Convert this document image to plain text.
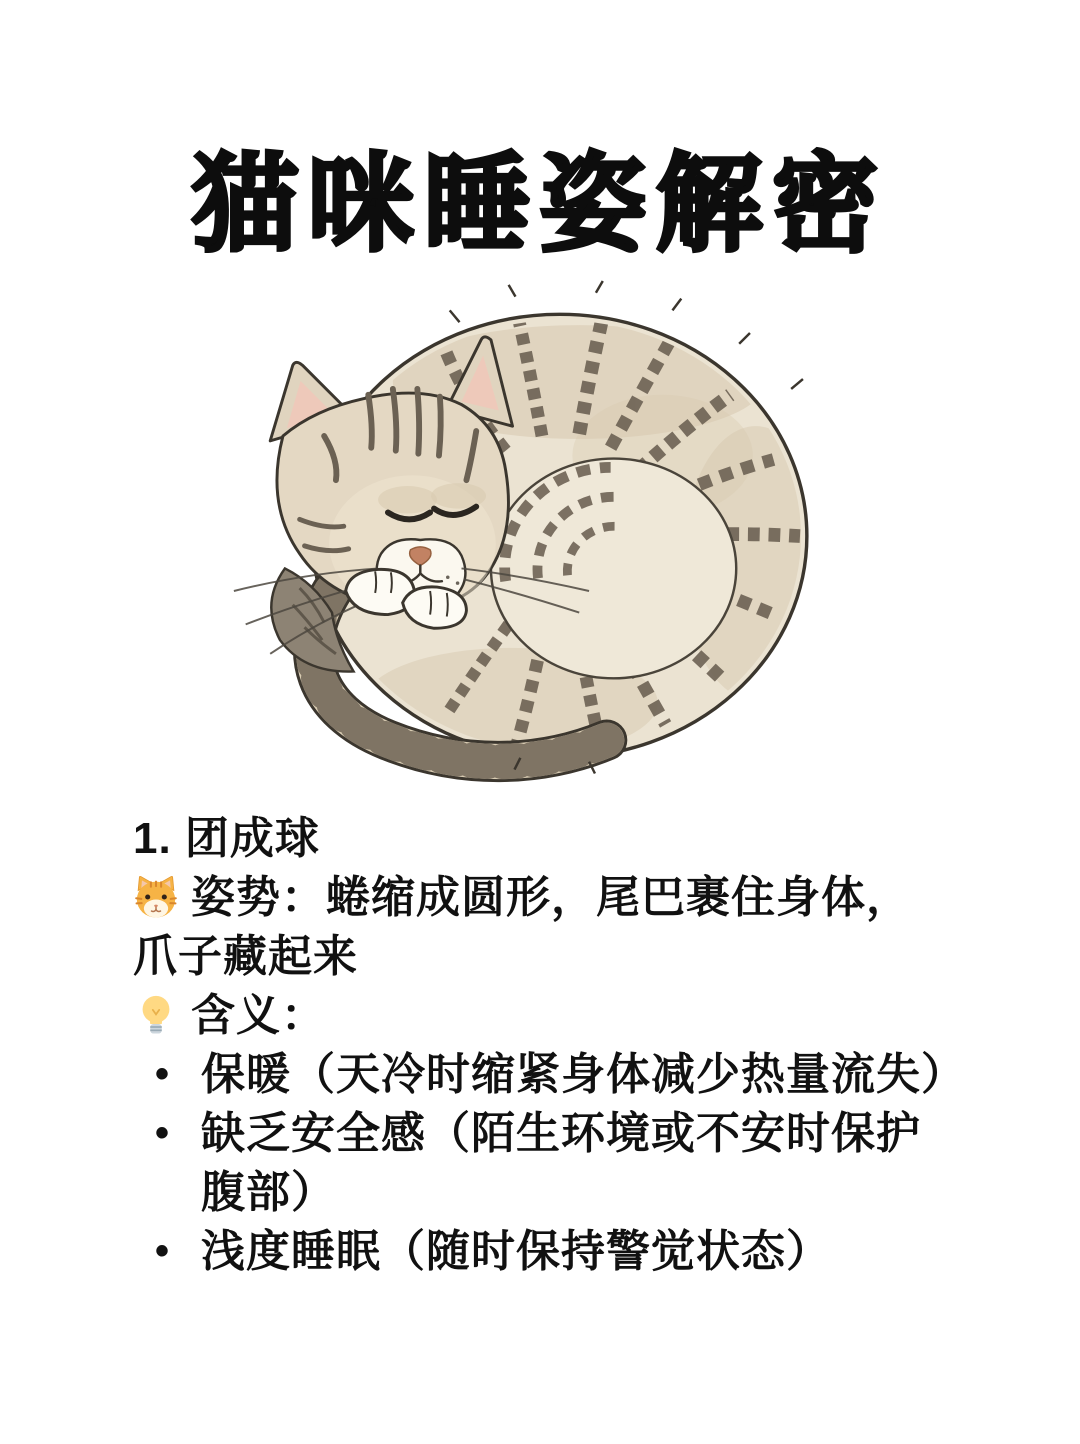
猫咪睡姿解密

1. 团成球

姿势：蜷缩成圆形，尾巴裹住身体，爪子藏起来

含义：

• 保暖（天冷时缩紧身体减少热量流失）
• 缺乏安全感（陌生环境或不安时保护腹部）
• 浅度睡眠（随时保持警觉状态）
